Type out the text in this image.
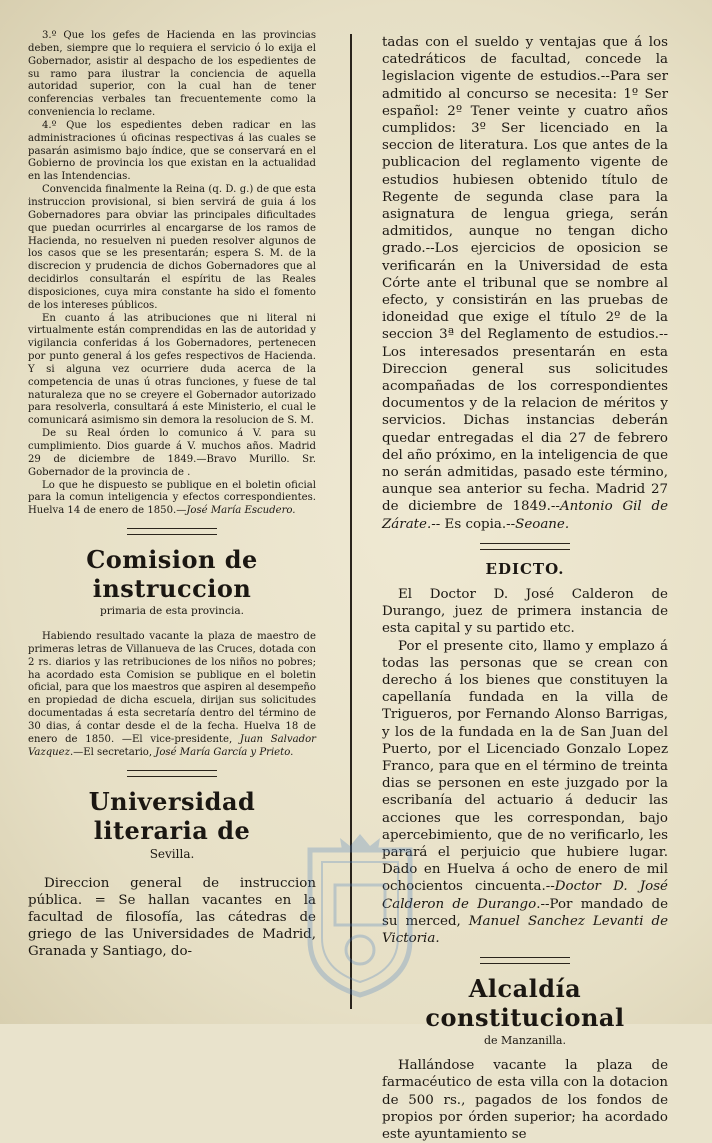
3.º Que los gefes de Hacienda en las provincias deben, siempre que lo requiera el servicio ó lo exija el Gobernador, asistir al despacho de los espedientes de su ramo para ilustrar la conciencia de aquella autoridad superior, con la cual han de tener conferencias verbales tan frecuentemente como la conveniencia lo reclame.

4.º Que los espedientes deben radicar en las administraciones ú oficinas respectivas á las cuales se pasarán asimismo bajo índice, que se conservará en el Gobierno de provincia los que existan en la actualidad en las Intendencias.

Convencida finalmente la Reina (q. D. g.) de que esta instruccion provisional, si bien servirá de guia á los Gobernadores para obviar las principales dificultades que puedan ocurrirles al encargarse de los ramos de Hacienda, no resuelven ni pueden resolver algunos de los casos que se les presentarán; espera S. M. de la discrecion y prudencia de dichos Gobernadores que al decidirlos consultarán el espíritu de las Reales disposiciones, cuya mira constante ha sido el fomento de los intereses públicos.

En cuanto á las atribuciones que ni literal ni virtualmente están comprendidas en las de autoridad y vigilancia conferidas á los Gobernadores, pertenecen por punto general á los gefes respectivos de Hacienda. Y si alguna vez ocurriere duda acerca de la competencia de unas ú otras funciones, y fuese de tal naturaleza que no se creyere el Gobernador autorizado para resolverla, consultará á este Ministerio, el cual le comunicará asimismo sin demora la resolucion de S. M.

De su Real órden lo comunico á V. para su cumplimiento. Dios guarde á V. muchos años. Madrid 29 de diciembre de 1849.—Bravo Murillo. Sr. Gobernador de la provincia de .

Lo que he dispuesto se publique en el boletin oficial para la comun inteligencia y efectos correspondientes. Huelva 14 de enero de 1850.—José María Escudero.

Comision de instruccion
primaria de esta provincia.

Habiendo resultado vacante la plaza de maestro de primeras letras de Villanueva de las Cruces, dotada con 2 rs. diarios y las retribuciones de los niños no pobres; ha acordado esta Comision se publique en el boletin oficial, para que los maestros que aspiren al desempeño en propiedad de dicha escuela, dirijan sus solicitudes documentadas á esta secretaría dentro del término de 30 dias, á contar desde el de la fecha. Huelva 18 de enero de 1850. —El vice-presidente, Juan Salvador Vazquez.—El secretario, José María García y Prieto.

Universidad literaria de
Sevilla.

Direccion general de instruccion pública. = Se hallan vacantes en la facultad de filosofía, las cátedras de griego de las Universidades de Madrid, Granada y Santiago, do-

tadas con el sueldo y ventajas que á los catedráticos de facultad, concede la legislacion vigente de estudios.--Para ser admitido al concurso se necesita: 1º Ser español: 2º Tener veinte y cuatro años cumplidos: 3º Ser licenciado en la seccion de literatura. Los que antes de la publicacion del reglamento vigente de estudios hubiesen obtenido título de Regente de segunda clase para la asignatura de lengua griega, serán admitidos, aunque no tengan dicho grado.--Los ejercicios de oposicion se verificarán en la Universidad de esta Córte ante el tribunal que se nombre al efecto, y consistirán en las pruebas de idoneidad que exige el título 2º de la seccion 3ª del Reglamento de estudios.--Los interesados presentarán en esta Direccion general sus solicitudes acompañadas de los correspondientes documentos y de la relacion de méritos y servicios. Dichas instancias deberán quedar entregadas el dia 27 de febrero del año próximo, en la inteligencia de que no serán admitidas, pasado este término, aunque sea anterior su fecha. Madrid 27 de diciembre de 1849.--Antonio Gil de Zárate.-- Es copia.--Seoane.

EDICTO.

El Doctor D. José Calderon de Durango, juez de primera instancia de esta capital y su partido etc.

Por el presente cito, llamo y emplazo á todas las personas que se crean con derecho á los bienes que constituyen la capellanía fundada en la villa de Trigueros, por Fernando Alonso Barrigas, y los de la fundada en la de San Juan del Puerto, por el Licenciado Gonzalo Lopez Franco, para que en el término de treinta dias se personen en este juzgado por la escribanía del actuario á deducir las acciones que les correspondan, bajo apercebimiento, que de no verificarlo, les parará el perjuicio que hubiere lugar. Dado en Huelva á ocho de enero de mil ochocientos cincuenta.--Doctor D. José Calderon de Durango.--Por mandado de su merced, Manuel Sanchez Levanti de Victoria.

Alcaldía constitucional
de Manzanilla.

Hallándose vacante la plaza de farmacéutico de esta villa con la dotacion de 500 rs., pagados de los fondos de propios por órden superior; ha acordado este ayuntamiento se
